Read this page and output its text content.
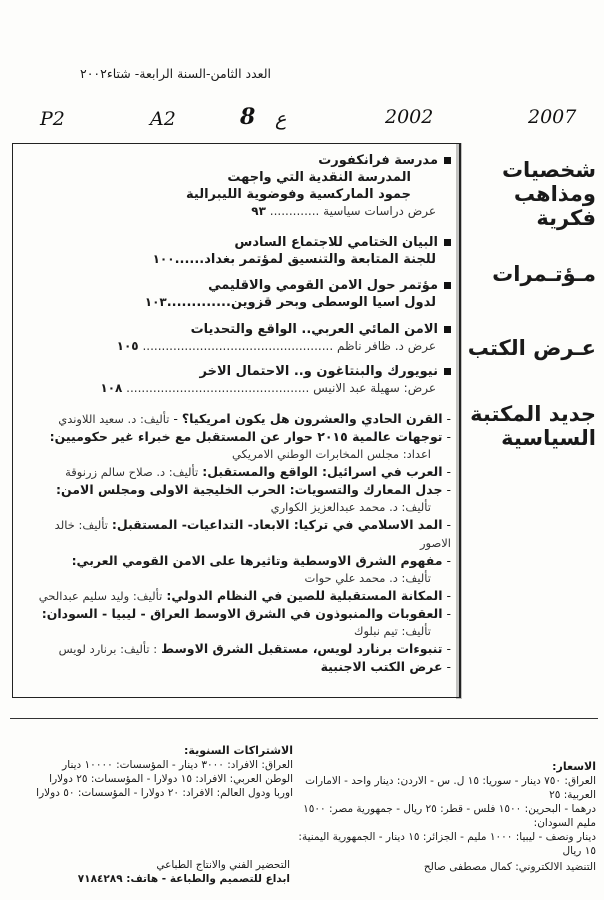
العدد الثامن-السنة الرابعة- شتاء٢٠٠٢
P2	A2	8 ع	2002	2007
مدرسة فرانكفورت
المدرسة النقدية التي واجهت
جمود الماركسية وفوضوية الليبرالية
عرض دراسات سياسية ............. ٩٣
البيان الختامي للاجتماع السادس
للجنة المتابعة والتنسيق لمؤتمر بغداد......١٠٠
مؤتمر حول الامن القومي والاقليمي
لدول اسيا الوسطى وبحر قزوين.............١٠٣
الامن المائي العربي.. الواقع والتحديات
عرض د. ظافر ناظم .................................................. ١٠٥
نيويورك والبنتاغون و.. الاحتمال الاخر
عرض: سهيلة عبد الانيس ................................................ ١٠٨
-القرن الحادي والعشرون هل يكون امريكيا؟ - تأليف: د. سعيد اللاوندي
-توجهات عالمية ٢٠١٥ حوار عن المستقبل مع خبراء غير حكوميين:
اعداد: مجلس المخابرات الوطني الامريكي
-العرب في اسرائيل: الواقع والمستقبل: تأليف: د. صلاح سالم زرنوقة
-جدل المعارك والتسويات: الحرب الخليجية الاولى ومجلس الامن:
تأليف: د. محمد عبدالعزيز الكواري
-المد الاسلامي في تركيا: الابعاد- التداعيات- المستقبل: تأليف: خالد الاصور
-مفهوم الشرق الاوسطية وتاثيرها على الامن القومي العربي:
تأليف: د. محمد علي حوات
-المكانة المستقبلية للصين في النظام الدولي: تأليف: وليد سليم عبدالحي
-العقوبات والمنبوذون في الشرق الاوسط العراق - ليبيا - السودان:
تأليف: تيم نبلوك
-تنبوءات برنارد لويس، مستقبل الشرق الاوسط : تأليف: برنارد لويس
-عرض الكتب الاجنبية
شخصيات
ومذاهب فكرية
مـؤتـمرات
عـرض الكتب
جديد المكتبة
السياسية
الاشتراكات السنوية:
العراق: الافراد: ٣٠٠٠ دينار - المؤسسات: ١٠٠٠٠ دينار
الوطن العربي: الافراد: ١٥ دولارا - المؤسسات: ٢٥ دولارا
اوربا ودول العالم: الافراد: ٢٠ دولارا - المؤسسات: ٥٠ دولارا
الاسعار:
العراق: ٧٥٠ دينار - سوريا: ١٥ ل. س - الاردن: دينار واحد - الامارات العربية: ٢٥
درهما - البحرين: ١٥٠٠ فلس - قطر: ٢٥ ريال - جمهورية مصر: ١٥٠٠ مليم السودان:
دينار ونصف - ليبيا: ١٠٠٠ مليم - الجزائر: ١٥ دينار - الجمهورية اليمنية: ١٥ ريال
التحضير الفني والانتاج الطباعي
ابداع للتصميم والطباعة - هاتف: ٧١٨٤٢٨٩
التنضيد الالكتروني: كمال مصطفى صالح
